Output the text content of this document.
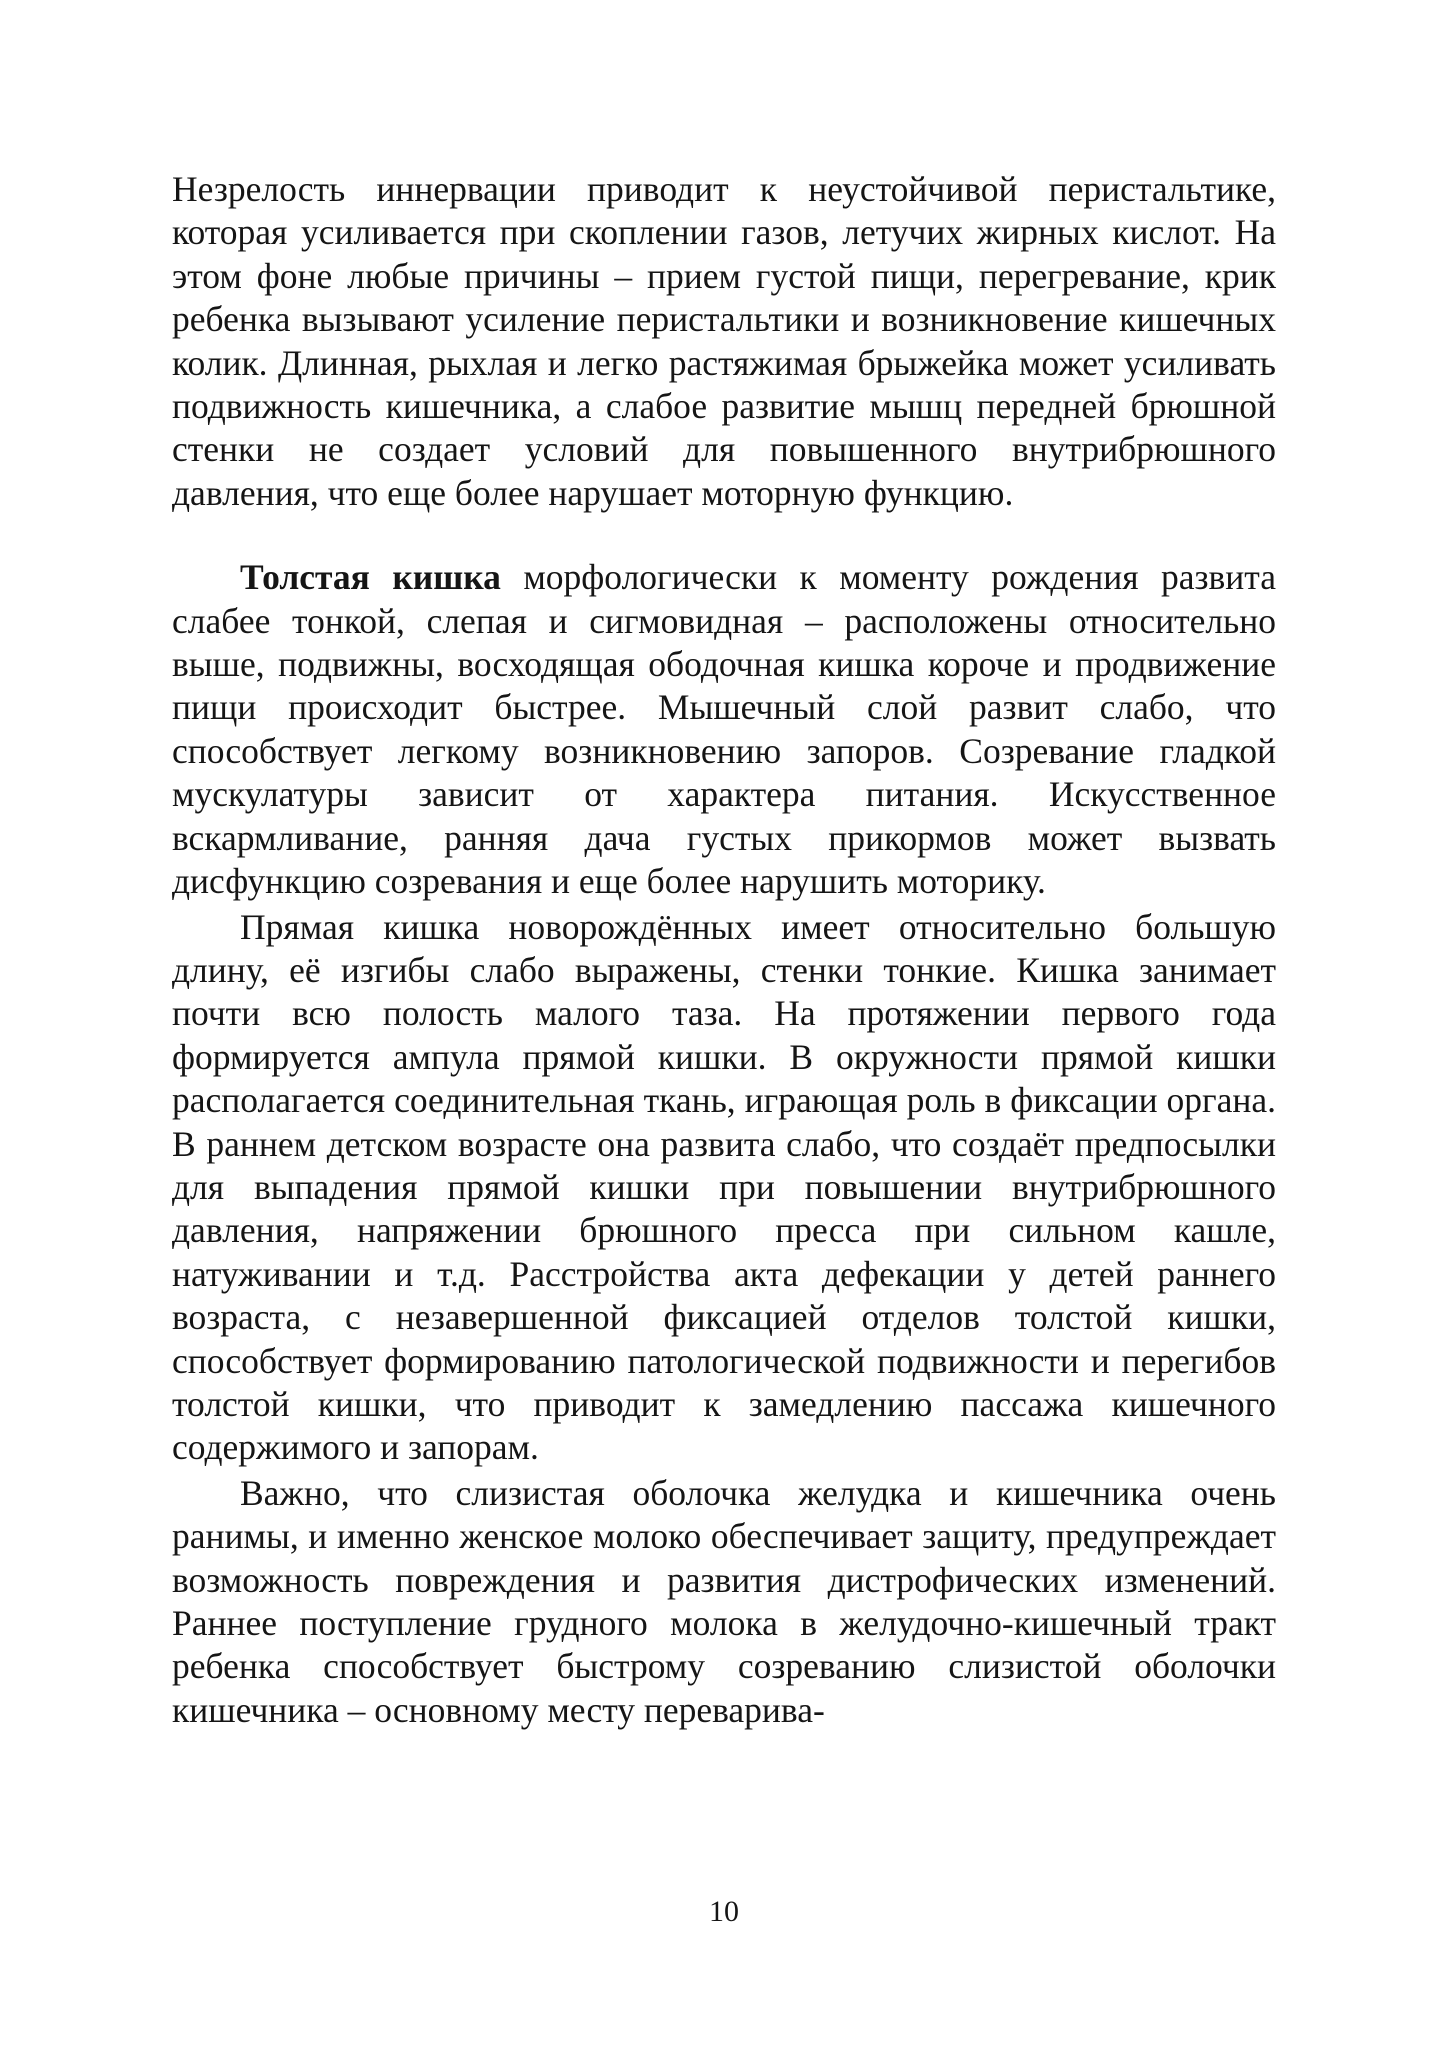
Незрелость иннервации приводит к неустойчивой перистальтике, которая усиливается при скоплении газов, летучих жирных кислот. На этом фоне любые причины – прием густой пищи, перегревание, крик ребенка вызывают усиление перистальтики и возникновение кишечных колик. Длинная, рыхлая и легко растяжимая брыжейка может усиливать подвижность кишечника, а слабое развитие мышц передней брюшной стенки не создает условий для повышенного внутрибрюшного давления, что еще более нарушает моторную функцию.

Толстая кишка морфологически к моменту рождения развита слабее тонкой, слепая и сигмовидная – расположены относительно выше, подвижны, восходящая ободочная кишка короче и продвижение пищи происходит быстрее. Мышечный слой развит слабо, что способствует легкому возникновению запоров. Созревание гладкой мускулатуры зависит от характера питания. Искусственное вскармливание, ранняя дача густых прикормов может вызвать дисфункцию созревания и еще более нарушить моторику.

Прямая кишка новорождённых имеет относительно большую длину, её изгибы слабо выражены, стенки тонкие. Кишка занимает почти всю полость малого таза. На протяжении первого года формируется ампула прямой кишки. В окружности прямой кишки располагается соединительная ткань, играющая роль в фиксации органа. В раннем детском возрасте она развита слабо, что создаёт предпосылки для выпадения прямой кишки при повышении внутрибрюшного давления, напряжении брюшного пресса при сильном кашле, натуживании и т.д. Расстройства акта дефекации у детей раннего возраста, с незавершенной фиксацией отделов толстой кишки, способствует формированию патологической подвижности и перегибов толстой кишки, что приводит к замедлению пассажа кишечного содержимого и запорам.

Важно, что слизистая оболочка желудка и кишечника очень ранимы, и именно женское молоко обеспечивает защиту, предупреждает возможность повреждения и развития дистрофических изменений. Раннее поступление грудного молока в желудочно-кишечный тракт ребенка способствует быстрому созреванию слизистой оболочки кишечника – основному месту переварива-

10
